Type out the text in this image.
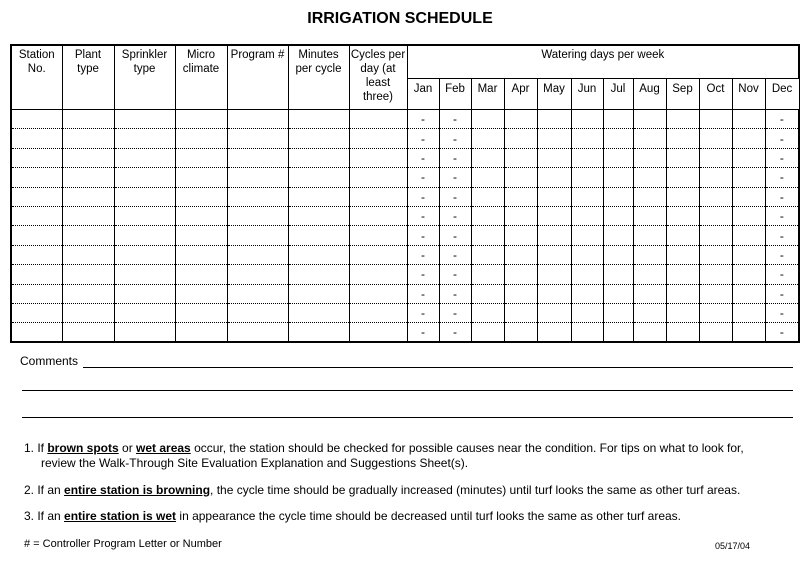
IRRIGATION SCHEDULE
Station No.	Plant type	Sprinkler type	Micro climate	Program #	Minutes per cycle	Cycles per day (at least three)	Watering days per week											
							Jan	Feb	Mar	Apr	May	Jun	Jul	Aug	Sep	Oct	Nov	Dec
							-	-										-
							-	-										-
							-	-										-
							-	-										-
							-	-										-
							-	-										-
							-	-										-
							-	-										-
							-	-										-
							-	-										-
							-	-										-
							-	-										-
Comments
1. If brown spots or wet areas occur, the station should be checked for possible causes near the condition. For tips on what to look for,
review the Walk-Through Site Evaluation Explanation and Suggestions Sheet(s).
2. If an entire station is browning, the cycle time should be gradually increased (minutes) until turf looks the same as other turf areas.
3. If an entire station is wet in appearance the cycle time should be decreased until turf looks the same as other turf areas.
# = Controller Program Letter or Number	05/17/04
